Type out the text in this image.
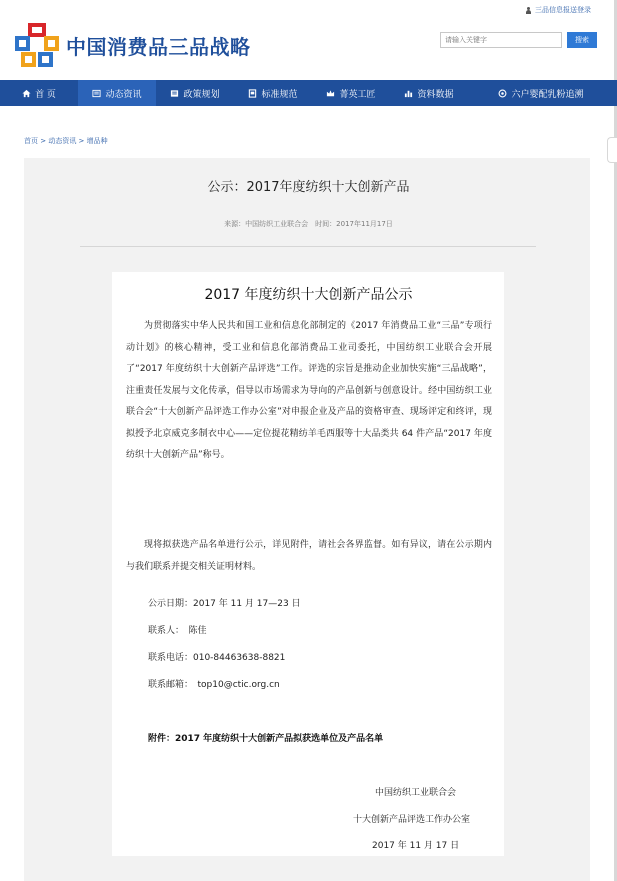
三品信息报送登录
中国消费品三品战略
请输入关键字	搜索
首 页	动态资讯	政策规划	标准规范	菁英工匠	资料数据	六户婴配乳粉追溯
首页 > 动态资讯 > 增品种
公示：2017年度纺织十大创新产品
来源：中国纺织工业联合会　时间：2017年11月17日
2017 年度纺织十大创新产品公示
为贯彻落实中华人民共和国工业和信息化部制定的《2017 年消费品工业“三品”专项行动计划》的核心精神，受工业和信息化部消费品工业司委托，中国纺织工业联合会开展了“2017 年度纺织十大创新产品评选”工作。评选的宗旨是推动企业加快实施“三品战略”，注重责任发展与文化传承，倡导以市场需求为导向的产品创新与创意设计。经中国纺织工业联合会“十大创新产品评选工作办公室”对申报企业及产品的资格审查、现场评定和终评，现拟授予北京威克多制衣中心——定位提花精纺羊毛西服等十大品类共 64 件产品“2017 年度纺织十大创新产品”称号。
现将拟获选产品名单进行公示，详见附件，请社会各界监督。如有异议，请在公示期内与我们联系并提交相关证明材料。
公示日期：2017 年 11 月 17—23 日
联系人：　陈佳
联系电话：010-84463638-8821
联系邮箱：　top10@ctic.org.cn
附件：2017 年度纺织十大创新产品拟获选单位及产品名单
中国纺织工业联合会
十大创新产品评选工作办公室
2017 年 11 月 17 日
